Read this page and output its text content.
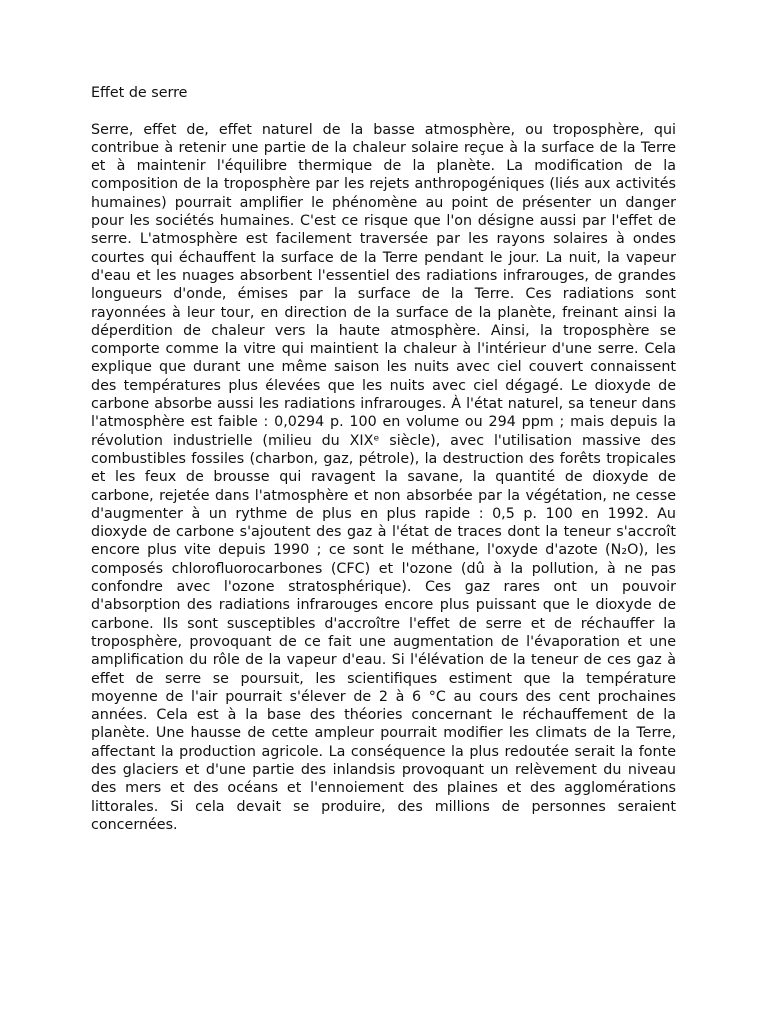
Effet de serre

Serre, effet de, effet naturel de la basse atmosphère, ou troposphère, qui contribue à retenir une partie de la chaleur solaire reçue à la surface de la Terre et à maintenir l'équilibre thermique de la planète. La modification de la composition de la troposphère par les rejets anthropogéniques (liés aux activités humaines) pourrait amplifier le phénomène au point de présenter un danger pour les sociétés humaines. C'est ce risque que l'on désigne aussi par l'effet de serre. L'atmosphère est facilement traversée par les rayons solaires à ondes courtes qui échauffent la surface de la Terre pendant le jour. La nuit, la vapeur d'eau et les nuages absorbent l'essentiel des radiations infrarouges, de grandes longueurs d'onde, émises par la surface de la Terre. Ces radiations sont rayonnées à leur tour, en direction de la surface de la planète, freinant ainsi la déperdition de chaleur vers la haute atmosphère. Ainsi, la troposphère se comporte comme la vitre qui maintient la chaleur à l'intérieur d'une serre. Cela explique que durant une même saison les nuits avec ciel couvert connaissent des températures plus élevées que les nuits avec ciel dégagé. Le dioxyde de carbone absorbe aussi les radiations infrarouges. À l'état naturel, sa teneur dans l'atmosphère est faible : 0,0294 p. 100 en volume ou 294 ppm ; mais depuis la révolution industrielle (milieu du XIXᵉ siècle), avec l'utilisation massive des combustibles fossiles (charbon, gaz, pétrole), la destruction des forêts tropicales et les feux de brousse qui ravagent la savane, la quantité de dioxyde de carbone, rejetée dans l'atmosphère et non absorbée par la végétation, ne cesse d'augmenter à un rythme de plus en plus rapide : 0,5 p. 100 en 1992. Au dioxyde de carbone s'ajoutent des gaz à l'état de traces dont la teneur s'accroît encore plus vite depuis 1990 ; ce sont le méthane, l'oxyde d'azote (N₂O), les composés chlorofluorocarbones (CFC) et l'ozone (dû à la pollution, à ne pas confondre avec l'ozone stratosphérique). Ces gaz rares ont un pouvoir d'absorption des radiations infrarouges encore plus puissant que le dioxyde de carbone. Ils sont susceptibles d'accroître l'effet de serre et de réchauffer la troposphère, provoquant de ce fait une augmentation de l'évaporation et une amplification du rôle de la vapeur d'eau. Si l'élévation de la teneur de ces gaz à effet de serre se poursuit, les scientifiques estiment que la température moyenne de l'air pourrait s'élever de 2 à 6 °C au cours des cent prochaines années. Cela est à la base des théories concernant le réchauffement de la planète. Une hausse de cette ampleur pourrait modifier les climats de la Terre, affectant la production agricole. La conséquence la plus redoutée serait la fonte des glaciers et d'une partie des inlandsis provoquant un relèvement du niveau des mers et des océans et l'ennoiement des plaines et des agglomérations littorales. Si cela devait se produire, des millions de personnes seraient concernées.
